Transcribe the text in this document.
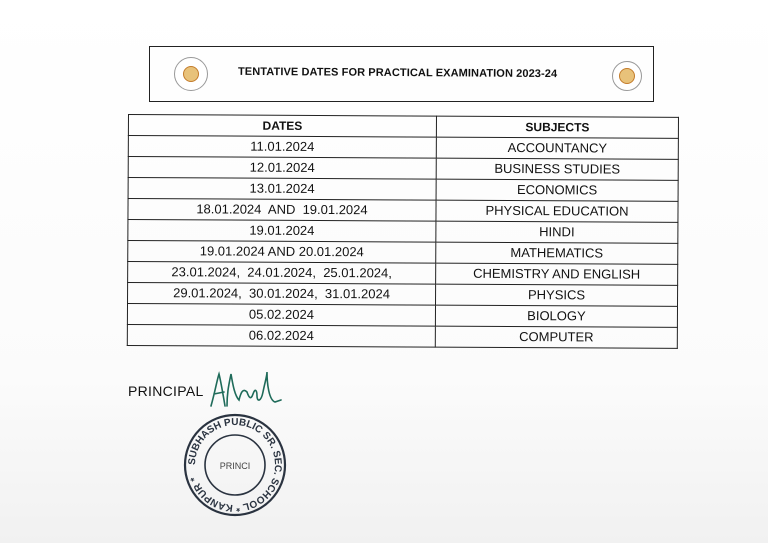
TENTATIVE DATES FOR PRACTICAL EXAMINATION 2023-24
DATES	SUBJECTS
11.01.2024	ACCOUNTANCY
12.01.2024	BUSINESS STUDIES
13.01.2024	ECONOMICS
18.01.2024  AND  19.01.2024	PHYSICAL EDUCATION
19.01.2024	HINDI
19.01.2024 AND 20.01.2024	MATHEMATICS
23.01.2024,  24.01.2024,  25.01.2024,	CHEMISTRY AND ENGLISH
29.01.2024,  30.01.2024,  31.01.2024	PHYSICS
05.02.2024	BIOLOGY
06.02.2024	COMPUTER
PRINCIPAL
SUBHASH PUBLIC SR. SEC. SCHOOL * KANPUR *
PRINCI
